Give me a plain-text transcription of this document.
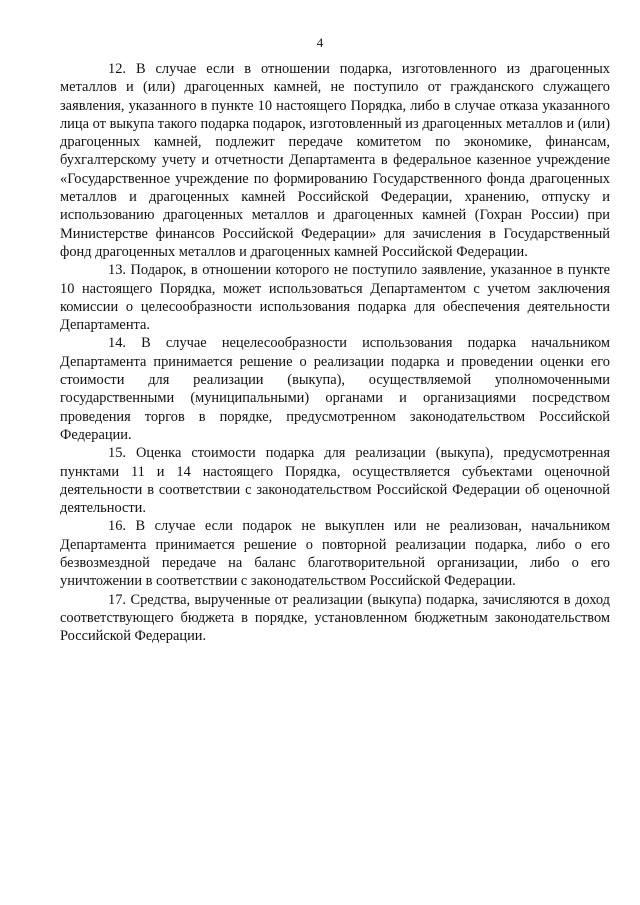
4

12. В случае если в отношении подарка, изготовленного из драгоценных металлов и (или) драгоценных камней, не поступило от гражданского служащего заявления, указанного в пункте 10 настоящего Порядка, либо в случае отказа указанного лица от выкупа такого подарка подарок, изготовленный из драгоценных металлов и (или) драгоценных камней, подлежит передаче комитетом по экономике, финансам, бухгалтерскому учету и отчетности Департамента в федеральное казенное учреждение «Государственное учреждение по формированию Государственного фонда драгоценных металлов и драгоценных камней Российской Федерации, хранению, отпуску и использованию драгоценных металлов и драгоценных камней (Гохран России) при Министерстве финансов Российской Федерации» для зачисления в Государственный фонд драгоценных металлов и драгоценных камней Российской Федерации.

13. Подарок, в отношении которого не поступило заявление, указанное в пункте 10 настоящего Порядка, может использоваться Департаментом с учетом заключения комиссии о целесообразности использования подарка для обеспечения деятельности Департамента.

14. В случае нецелесообразности использования подарка начальником Департамента принимается решение о реализации подарка и проведении оценки его стоимости для реализации (выкупа), осуществляемой уполномоченными государственными (муниципальными) органами и организациями посредством проведения торгов в порядке, предусмотренном законодательством Российской Федерации.

15. Оценка стоимости подарка для реализации (выкупа), предусмотренная пунктами 11 и 14 настоящего Порядка, осуществляется субъектами оценочной деятельности в соответствии с законодательством Российской Федерации об оценочной деятельности.

16. В случае если подарок не выкуплен или не реализован, начальником Департамента принимается решение о повторной реализации подарка, либо о его безвозмездной передаче на баланс благотворительной организации, либо о его уничтожении в соответствии с законодательством Российской Федерации.

17. Средства, вырученные от реализации (выкупа) подарка, зачисляются в доход соответствующего бюджета в порядке, установленном бюджетным законодательством Российской Федерации.
